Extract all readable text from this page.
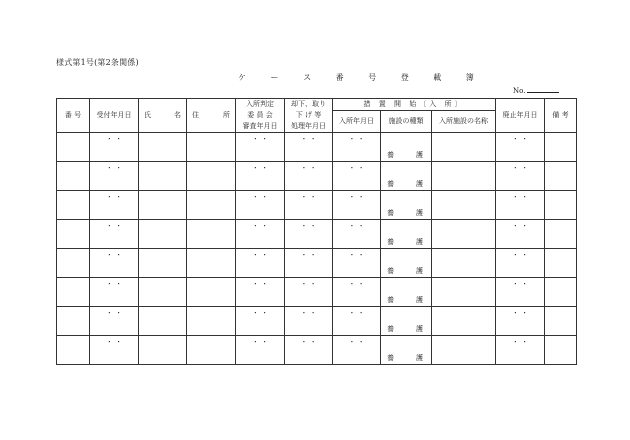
様式第1号(第2条関係)
ケ ー ス 番 号 登 載 簿
No.
番 号	受付年月日	氏 名	住 所	入所判定
委 員 会
審査年月日	却下、取り
下 げ 等
処理年月日	措 置 開 始〔入 所〕			廃止年月日	備 考
						入所年月日	施設の種類	入所施設の名称		

	・ ・			・ ・	・ ・	・ ・	養 護		・ ・	
	・ ・			・ ・	・ ・	・ ・	養 護		・ ・	
	・ ・			・ ・	・ ・	・ ・	養 護		・ ・	
	・ ・			・ ・	・ ・	・ ・	養 護		・ ・	
	・ ・			・ ・	・ ・	・ ・	養 護		・ ・	
	・ ・			・ ・	・ ・	・ ・	養 護		・ ・	
	・ ・			・ ・	・ ・	・ ・	養 護		・ ・	
	・ ・			・ ・	・ ・	・ ・	養 護		・ ・	
